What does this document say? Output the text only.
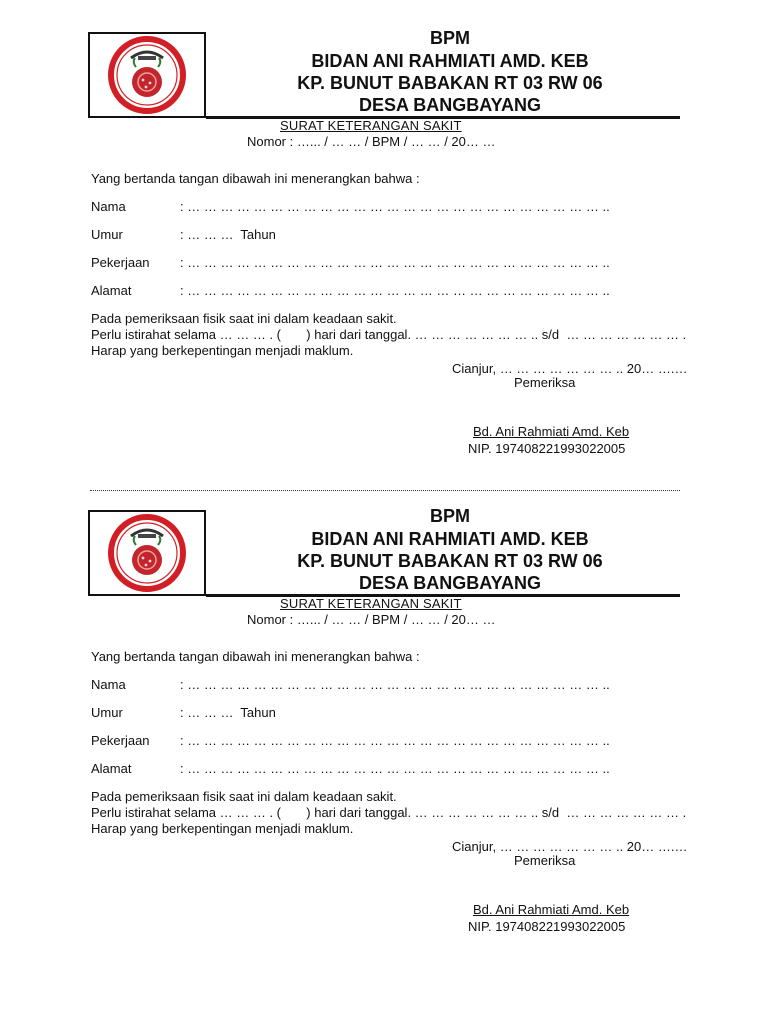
BPM
BIDAN ANI RAHMIATI AMD. KEB
KP. BUNUT BABAKAN RT 03 RW 06
DESA BANGBAYANG
SURAT KETERANGAN SAKIT
Nomor : …... / … … / BPM / … … / 20… …
Yang bertanda tangan dibawah ini menerangkan bahwa :
Nama	: … … … … … … … … … … … … … … … … … … … … … … … … … ..
Umur	: … … …  Tahun
Pekerjaan : … … … … … … … … … … … … … … … … … … … … … … … … … ..
Alamat	: … … … … … … … … … … … … … … … … … … … … … … … … … ..
Pada pemeriksaan fisik saat ini dalam keadaan sakit.
Perlu istirahat selama … … … . (       ) hari dari tanggal. … … … … … … … .. s/d  … … … … … … … .
Harap yang berkepentingan menjadi maklum.
Cianjur, … … … … … … … .. 20… ….…
Pemeriksa
Bd. Ani Rahmiati Amd. Keb
NIP. 197408221993022005
BPM
BIDAN ANI RAHMIATI AMD. KEB
KP. BUNUT BABAKAN RT 03 RW 06
DESA BANGBAYANG
SURAT KETERANGAN SAKIT
Nomor : …... / … … / BPM / … … / 20… …
Yang bertanda tangan dibawah ini menerangkan bahwa :
Nama	: … … … … … … … … … … … … … … … … … … … … … … … … … ..
Umur	: … … …  Tahun
Pekerjaan : … … … … … … … … … … … … … … … … … … … … … … … … … ..
Alamat	: … … … … … … … … … … … … … … … … … … … … … … … … … ..
Pada pemeriksaan fisik saat ini dalam keadaan sakit.
Perlu istirahat selama … … … . (       ) hari dari tanggal. … … … … … … … .. s/d  … … … … … … … .
Harap yang berkepentingan menjadi maklum.
Cianjur, … … … … … … … .. 20… ….…
Pemeriksa
Bd. Ani Rahmiati Amd. Keb
NIP. 197408221993022005
